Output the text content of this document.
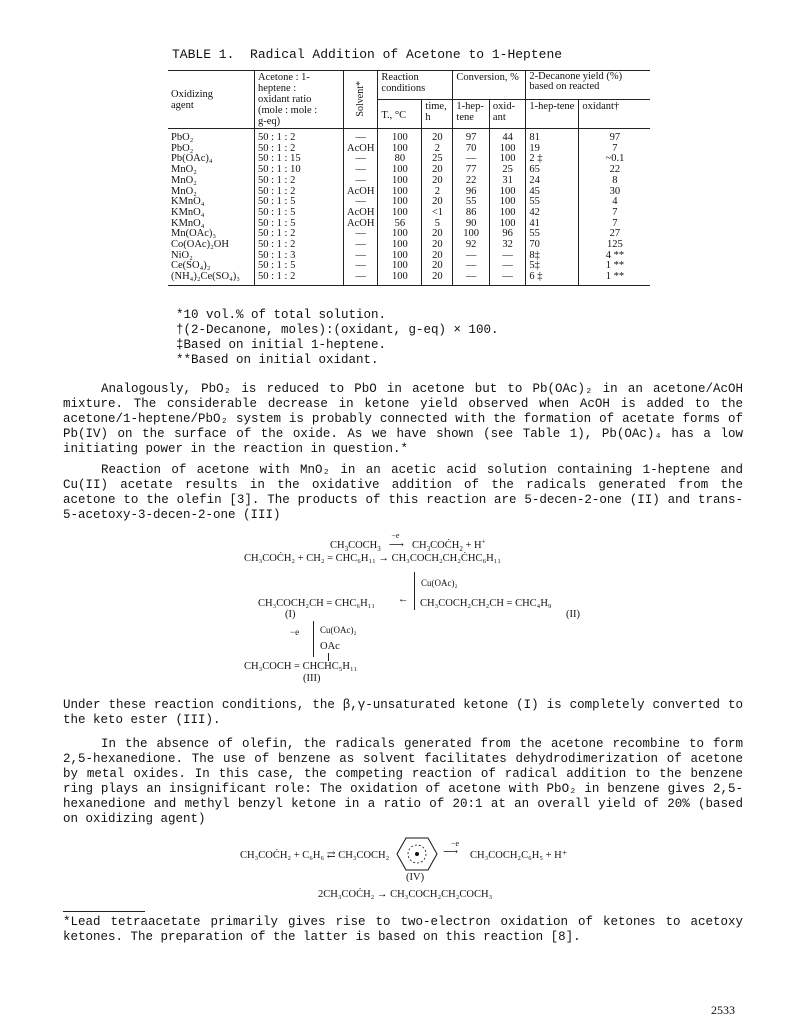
TABLE 1.  Radical Addition of Acetone to 1-Heptene
Oxidizing
agent	Acetone : 1-
heptene :
oxidant ratio
(mole : mole :
g-eq)	Solvent*	Reaction conditions		Conversion, %		2-Decanone yield (%) based on reacted	
			T., °C	time, h	1-hep-tene	oxid-ant	1-hep-tene	oxidant†
PbO₂	50 : 1 : 2	—	100	20	97	44	81	97
PbO₂	50 : 1 : 2	AcOH	100	2	70	100	19	7
Pb(OAc)₄	50 : 1 : 15	—	80	25	—	100	2 ‡	~0.1
MnO₂	50 : 1 : 10	—	100	20	77	25	65	22
MnO₂	50 : 1 : 2	—	100	20	22	31	24	8
MnO₂	50 : 1 : 2	AcOH	100	2	96	100	45	30
KMnO₄	50 : 1 : 5	—	100	20	55	100	55	4
KMnO₄	50 : 1 : 5	AcOH	100	<1	86	100	42	7
KMnO₄	50 : 1 : 5	AcOH	56	5	90	100	41	7
Mn(OAc)₃	50 : 1 : 2	—	100	20	100	96	55	27
Co(OAc)₂OH	50 : 1 : 2	—	100	20	92	32	70	125
NiO₂	50 : 1 : 3	—	100	20	—	—	8‡	4 **
Ce(SO₄)₂	50 : 1 : 5	—	100	20	—	—	5‡	1 **
(NH₄)₂Ce(SO₄)₃	50 : 1 : 2	—	100	20	—	—	6 ‡	1 **
*10 vol.% of total solution.
†(2-Decanone, moles):(oxidant, g-eq) × 100.
‡Based on initial 1-heptene.
**Based on initial oxidant.

Analogously, PbO₂ is reduced to PbO in acetone but to Pb(OAc)₂ in an acetone/AcOH mixture. The considerable decrease in ketone yield observed when AcOH is added to the acetone/1-heptene/PbO₂ system is probably connected with the formation of acetate forms of Pb(IV) on the surface of the oxide. As we have shown (see Table 1), Pb(OAc)₄ has a low initiating power in the reaction in question.*

Reaction of acetone with MnO₂ in an acetic acid solution containing 1-heptene and Cu(II) acetate results in the oxidative addition of the radicals generated from the acetone to the olefin [3]. The products of this reaction are 5-decen-2-one (II) and trans-5-acetoxy-3-decen-2-one (III)

$CH_3COCH_3$
−e
⟶ $CH_3COĊH_2 + H^+$
CH₃COĊH₂ + CH₂ = CHC₆H₁₁ → CH₃COCH₂CH₂ĊHC₆H₁₁
Cu(OAc)₂
CH₃COCH₂CH = CHC₆H₁₁
(I)
← CH₃COCH₂CH₂CH = CHC₄H₉
(II)
−e Cu(OAc)₂
OAc
CH₃COCH = CHCHC₅H₁₁
(III)

Under these reaction conditions, the β,γ-unsaturated ketone (I) is completely converted to the keto ester (III).

In the absence of olefin, the radicals generated from the acetone recombine to form 2,5-hexanedione. The use of benzene as solvent facilitates dehydrodimerization of acetone by metal oxides. In this case, the competing reaction of radical addition to the benzene ring plays an insignificant role: The oxidation of acetone with PbO₂ in benzene gives 2,5-hexanedione and methyl benzyl ketone in a ratio of 20:1 at an overall yield of 20% (based on oxidizing agent)

CH₃COĊH₂ + C₆H₆ ⇄ CH₃COCH₂
−e
⟶ CH₃COCH₂C₆H₅ + H⁺
(IV)
2CH₃COĊH₂ → CH₃COCH₂CH₂COCH₃

*Lead tetraacetate primarily gives rise to two-electron oxidation of ketones to acetoxy ketones. The preparation of the latter is based on this reaction [8].

2533
